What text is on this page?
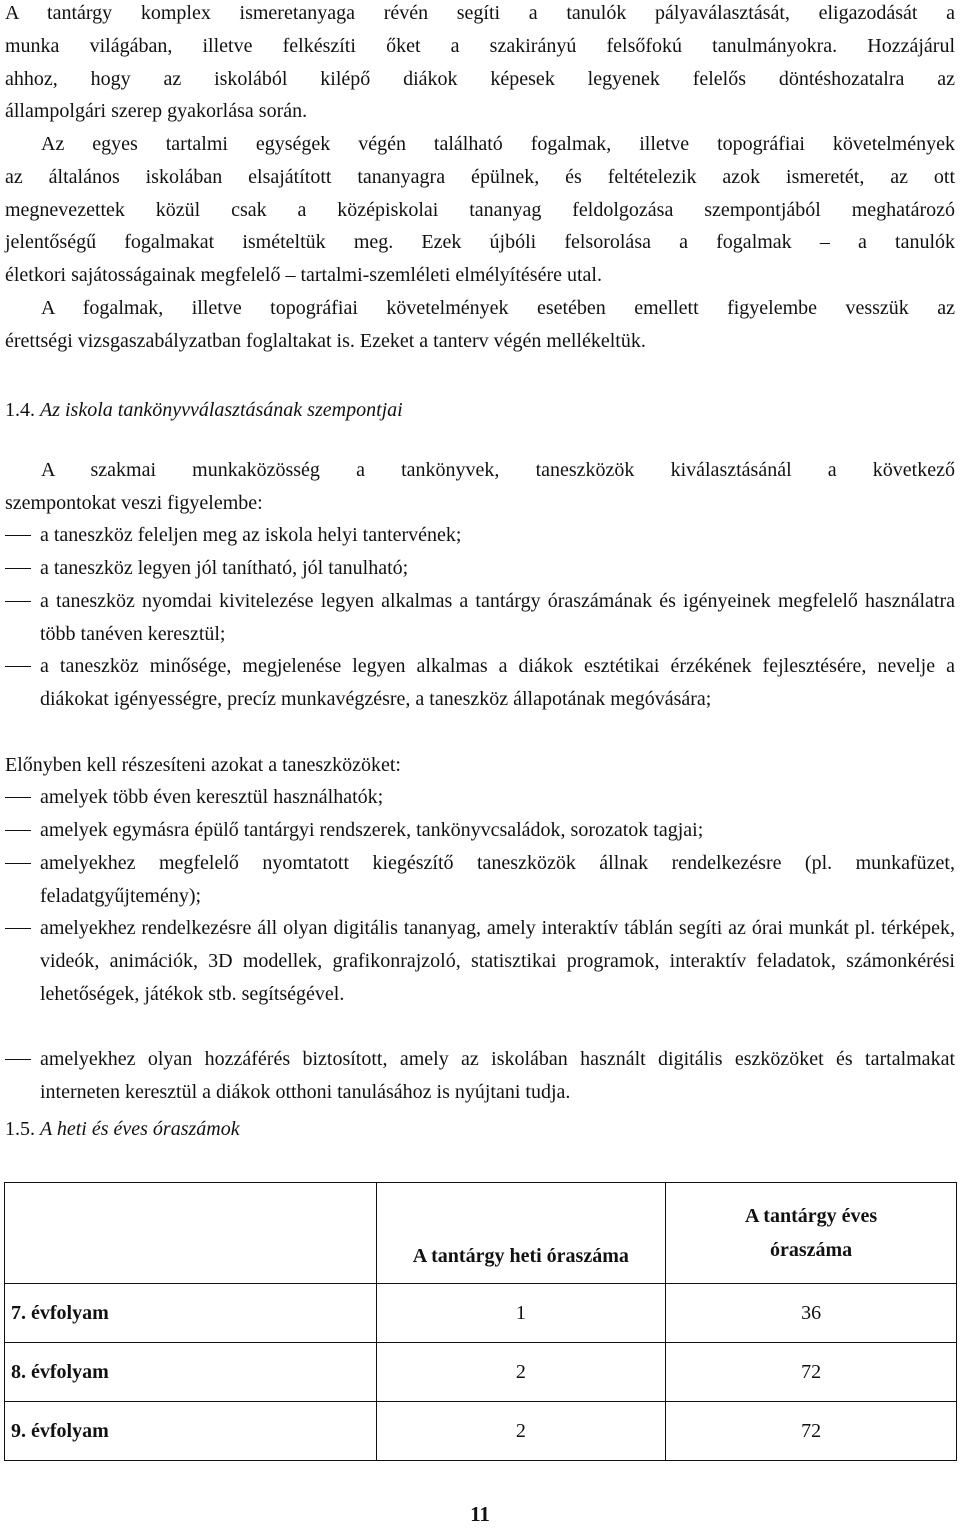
A tantárgy komplex ismeretanyaga révén segíti a tanulók pályaválasztását, eligazodását a
munka világában, illetve felkészíti őket a szakirányú felsőfokú tanulmányokra. Hozzájárul
ahhoz, hogy az iskolából kilépő diákok képesek legyenek felelős döntéshozatalra az
állampolgári szerep gyakorlása során.
Az egyes tartalmi egységek végén található fogalmak, illetve topográfiai követelmények
az általános iskolában elsajátított tananyagra épülnek, és feltételezik azok ismeretét, az ott
megnevezettek közül csak a középiskolai tananyag feldolgozása szempontjából meghatározó
jelentőségű fogalmakat ismételtük meg. Ezek újbóli felsorolása a fogalmak – a tanulók
életkori sajátosságainak megfelelő – tartalmi-szemléleti elmélyítésére utal.
A fogalmak, illetve topográfiai követelmények esetében emellett figyelembe vesszük az
érettségi vizsgaszabályzatban foglaltakat is. Ezeket a tanterv végén mellékeltük.
1.4. Az iskola tankönyvválasztásának szempontjai
A szakmai munkaközösség a tankönyvek, taneszközök kiválasztásánál a következő
szempontokat veszi figyelembe:
a taneszköz feleljen meg az iskola helyi tantervének;
a taneszköz legyen jól tanítható, jól tanulható;
a taneszköz nyomdai kivitelezése legyen alkalmas a tantárgy óraszámának és igényeinek megfelelő használatra több tanéven keresztül;
a taneszköz minősége, megjelenése legyen alkalmas a diákok esztétikai érzékének fejlesztésére, nevelje a diákokat igényességre, precíz munkavégzésre, a taneszköz állapotának megóvására;
Előnyben kell részesíteni azokat a taneszközöket:
amelyek több éven keresztül használhatók;
amelyek egymásra épülő tantárgyi rendszerek, tankönyvcsaládok, sorozatok tagjai;
amelyekhez megfelelő nyomtatott kiegészítő taneszközök állnak rendelkezésre (pl. munkafüzet, feladatgyűjtemény);
amelyekhez rendelkezésre áll olyan digitális tananyag, amely interaktív táblán segíti az órai munkát pl. térképek, videók, animációk, 3D modellek, grafikonrajzoló, statisztikai programok, interaktív feladatok, számonkérési lehetőségek, játékok stb. segítségével.
amelyekhez olyan hozzáférés biztosított, amely az iskolában használt digitális eszközöket és tartalmakat interneten keresztül a diákok otthoni tanulásához is nyújtani tudja.
1.5. A heti és éves óraszámok
	A tantárgy heti óraszáma	A tantárgy éves óraszáma
7. évfolyam	1	36
8. évfolyam	2	72
9. évfolyam	2	72
11
